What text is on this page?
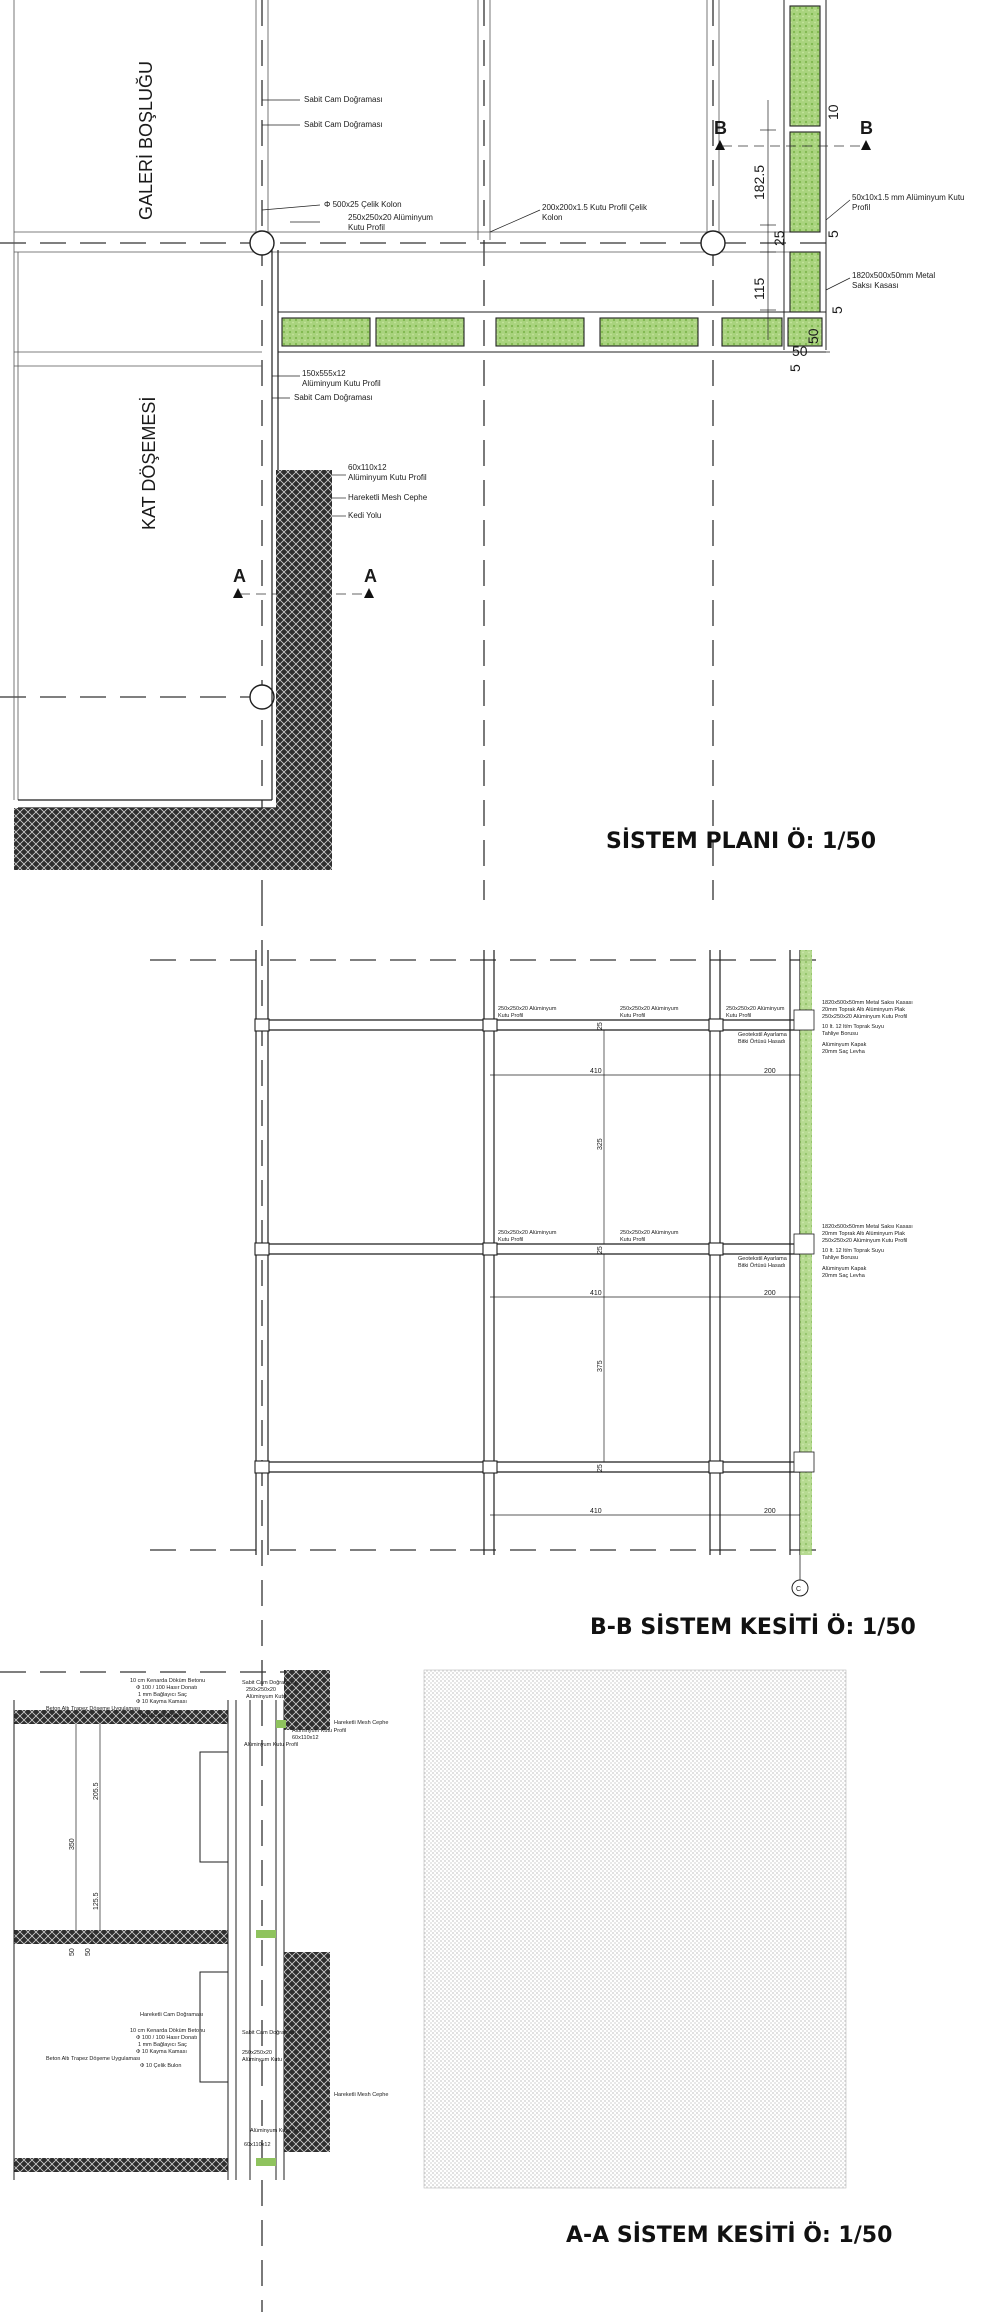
GALERİ BOŞLUĞU
KAT DÖŞEMESİ
Sabit Cam Doğraması
Sabit Cam Doğraması
Φ 500x25 Çelik Kolon
250x250x20 Alüminyum
Kutu Profil
200x200x1.5 Kutu Profil Çelik
Kolon
50x10x1.5 mm Alüminyum Kutu
Profil
1820x500x50mm Metal
Saksı Kasası
150x555x12
Alüminyum Kutu Profil
Sabit Cam Doğraması
60x110x12
Alüminyum Kutu Profil
Hareketli Mesh Cephe
Kedi Yolu
B	B
A	A
10
182.5
25
115
5
5
50
50
5
SİSTEM PLANI Ö: 1/50
410	200
410	200
410	200
325
375
25
25
25
250x250x20 Alüminyum
Kutu Profil
250x250x20 Alüminyum
Kutu Profil
250x250x20 Alüminyum
Kutu Profil
250x250x20 Alüminyum
Kutu Profil
250x250x20 Alüminyum
Kutu Profil
1820x500x50mm Metal Saksı Kasası
20mm Toprak Altı Alüminyum Plak
250x250x20 Alüminyum Kutu Profil
10 lt. 12 lt/m Toprak Suyu
Tahliye Borusu
Geotekstil Ayarlama
Bitki Örtüsü Hasadı	Alüminyum Kapak
20mm Saç Levha
1820x500x50mm Metal Saksı Kasası
20mm Toprak Altı Alüminyum Plak
250x250x20 Alüminyum Kutu Profil
10 lt. 12 lt/m Toprak Suyu
Tahliye Borusu
Geotekstil Ayarlama
Bitki Örtüsü Hasadı	Alüminyum Kapak
20mm Saç Levha
C
B-B SİSTEM KESİTİ Ö: 1/50
350
205.5
125.5
50 50
10 cm Kenarda Döküm Betonu
Φ 100 / 100 Hasır Donatı
1 mm Bağlayıcı Saç
Φ 10 Kayma Kaması
Beton Altı Trapez Döşeme Uygulaması
Φ 10 Çelik Bulon
Sabit Cam Doğraması
250x250x20
Alüminyum Kutu
Hareketli Mesh Cephe
Alüminyum Kutu Profil
60x110x12
Alüminyum Kutu Profil
Hareketli Cam Doğraması
10 cm Kenarda Döküm Betonu
Φ 100 / 100 Hasır Donatı
1 mm Bağlayıcı Saç
Φ 10 Kayma Kaması
Beton Altı Trapez Döşeme Uygulaması
Φ 10 Çelik Bulon
Sabit Cam Doğraması
250x250x20
Alüminyum Kutu
Hareketli Mesh Cephe
Alüminyum Kutu Profil
60x110x12
A-A SİSTEM KESİTİ Ö: 1/50
